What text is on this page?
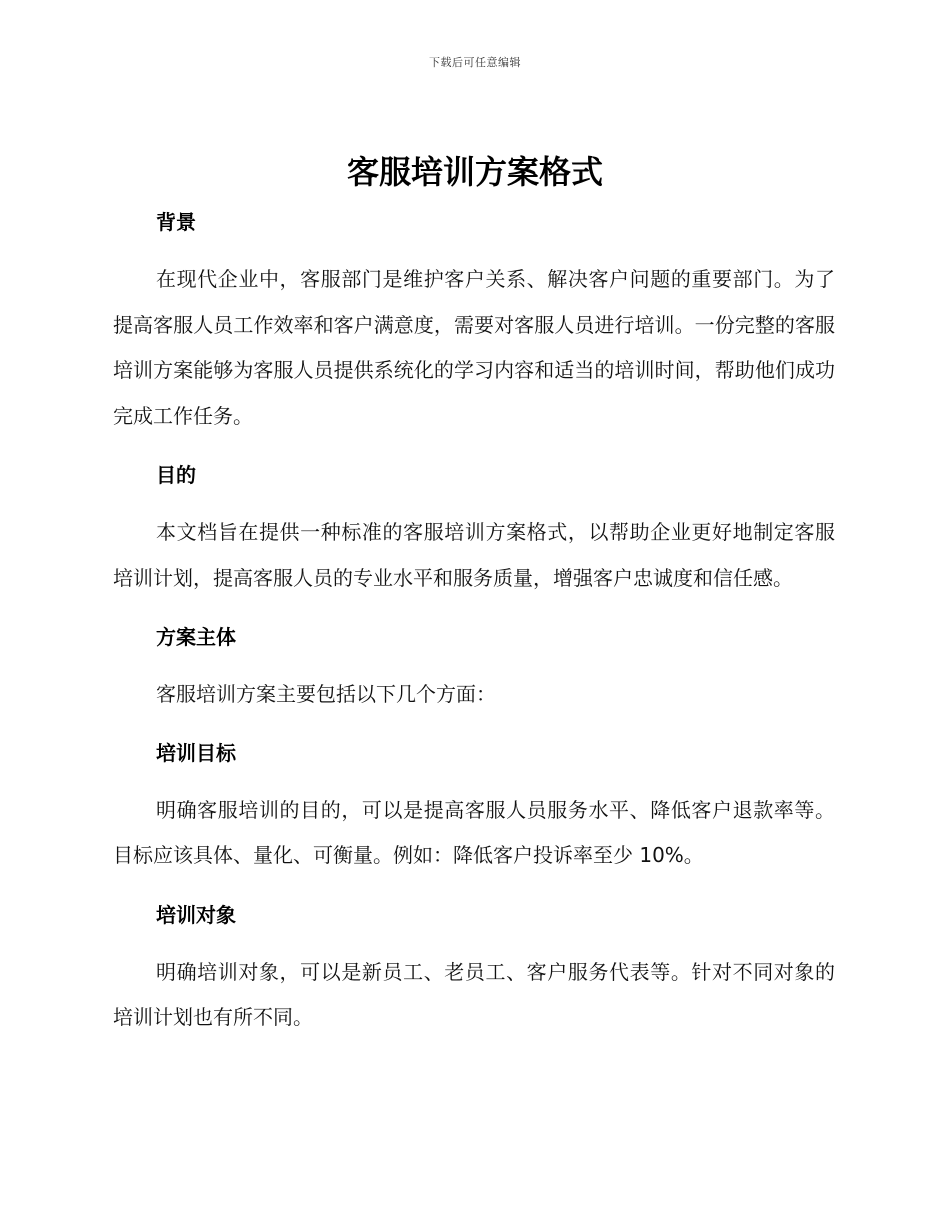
下载后可任意编辑
客服培训方案格式
背景

在现代企业中，客服部门是维护客户关系、解决客户问题的重要部门。为了提高客服人员工作效率和客户满意度，需要对客服人员进行培训。一份完整的客服培训方案能够为客服人员提供系统化的学习内容和适当的培训时间，帮助他们成功完成工作任务。

目的

本文档旨在提供一种标准的客服培训方案格式，以帮助企业更好地制定客服培训计划，提高客服人员的专业水平和服务质量，增强客户忠诚度和信任感。

方案主体

客服培训方案主要包括以下几个方面：

培训目标

明确客服培训的目的，可以是提高客服人员服务水平、降低客户退款率等。目标应该具体、量化、可衡量。例如：降低客户投诉率至少 10%。

培训对象

明确培训对象，可以是新员工、老员工、客户服务代表等。针对不同对象的培训计划也有所不同。
